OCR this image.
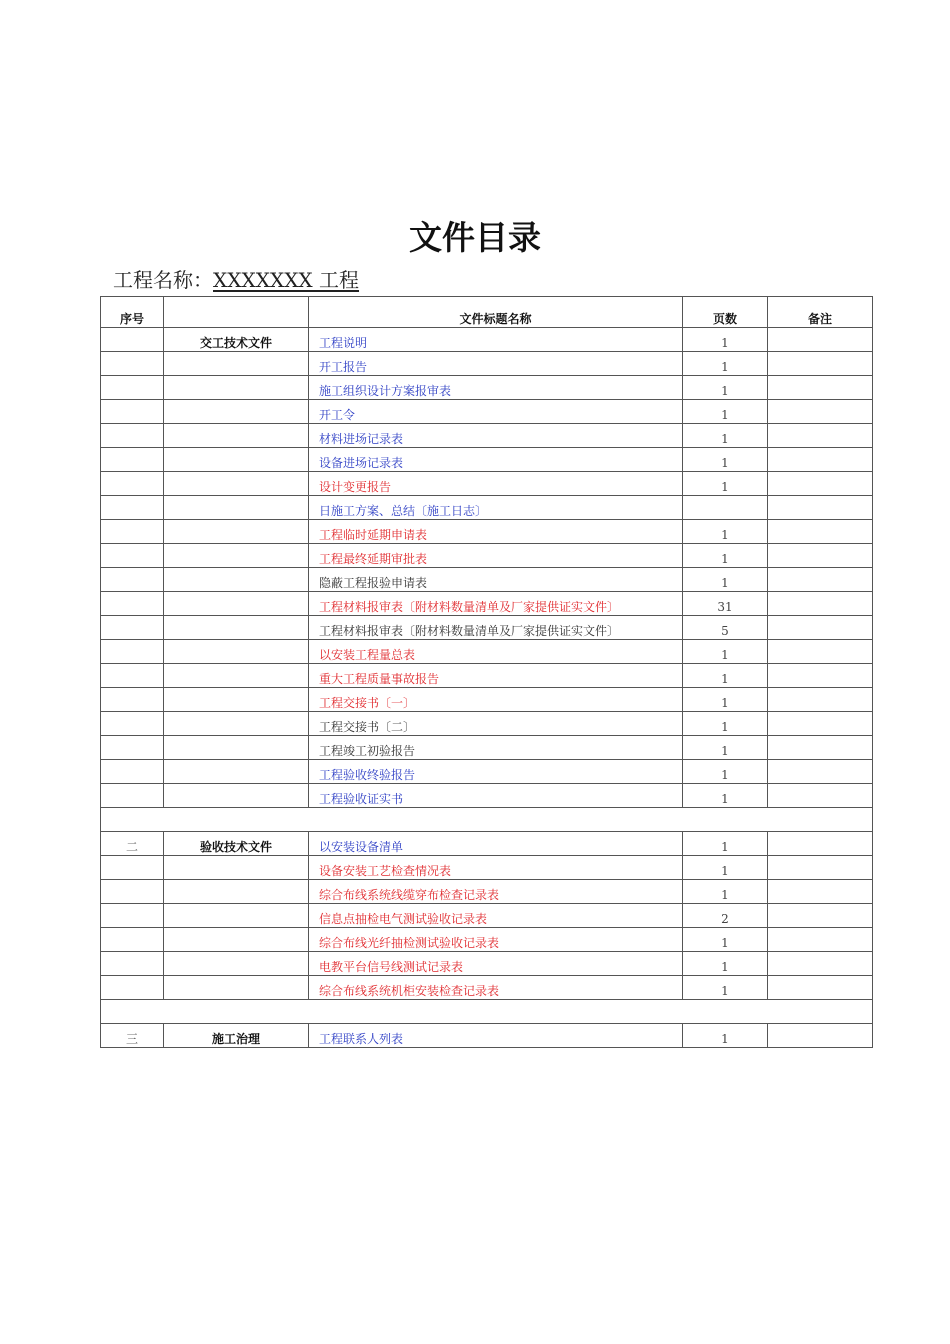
文件目录
工程名称：XXXXXXX 工程
序号		文件标题名称	页数	备注
	交工技术文件	工程说明	1	
		开工报告	1	
		施工组织设计方案报审表	1	
		开工令	1	
		材料进场记录表	1	
		设备进场记录表	1	
		设计变更报告	1	
		日施工方案、总结〔施工日志〕		
		工程临时延期申请表	1	
		工程最终延期审批表	1	
		隐蔽工程报验申请表	1	
		工程材料报审表〔附材料数量清单及厂家提供证实文件〕	31	
		工程材料报审表〔附材料数量清单及厂家提供证实文件〕	5	
		以安装工程量总表	1	
		重大工程质量事故报告	1	
		工程交接书〔一〕	1	
		工程交接书〔二〕	1	
		工程竣工初验报告	1	
		工程验收终验报告	1	
		工程验收证实书	1	

二	验收技术文件	以安装设备清单	1	
		设备安装工艺检查情况表	1	
		综合布线系统线缆穿布检查记录表	1	
		信息点抽检电气测试验收记录表	2	
		综合布线光纤抽检测试验收记录表	1	
		电教平台信号线测试记录表	1	
		综合布线系统机柜安装检查记录表	1	

三	施工治理	工程联系人列表	1	
